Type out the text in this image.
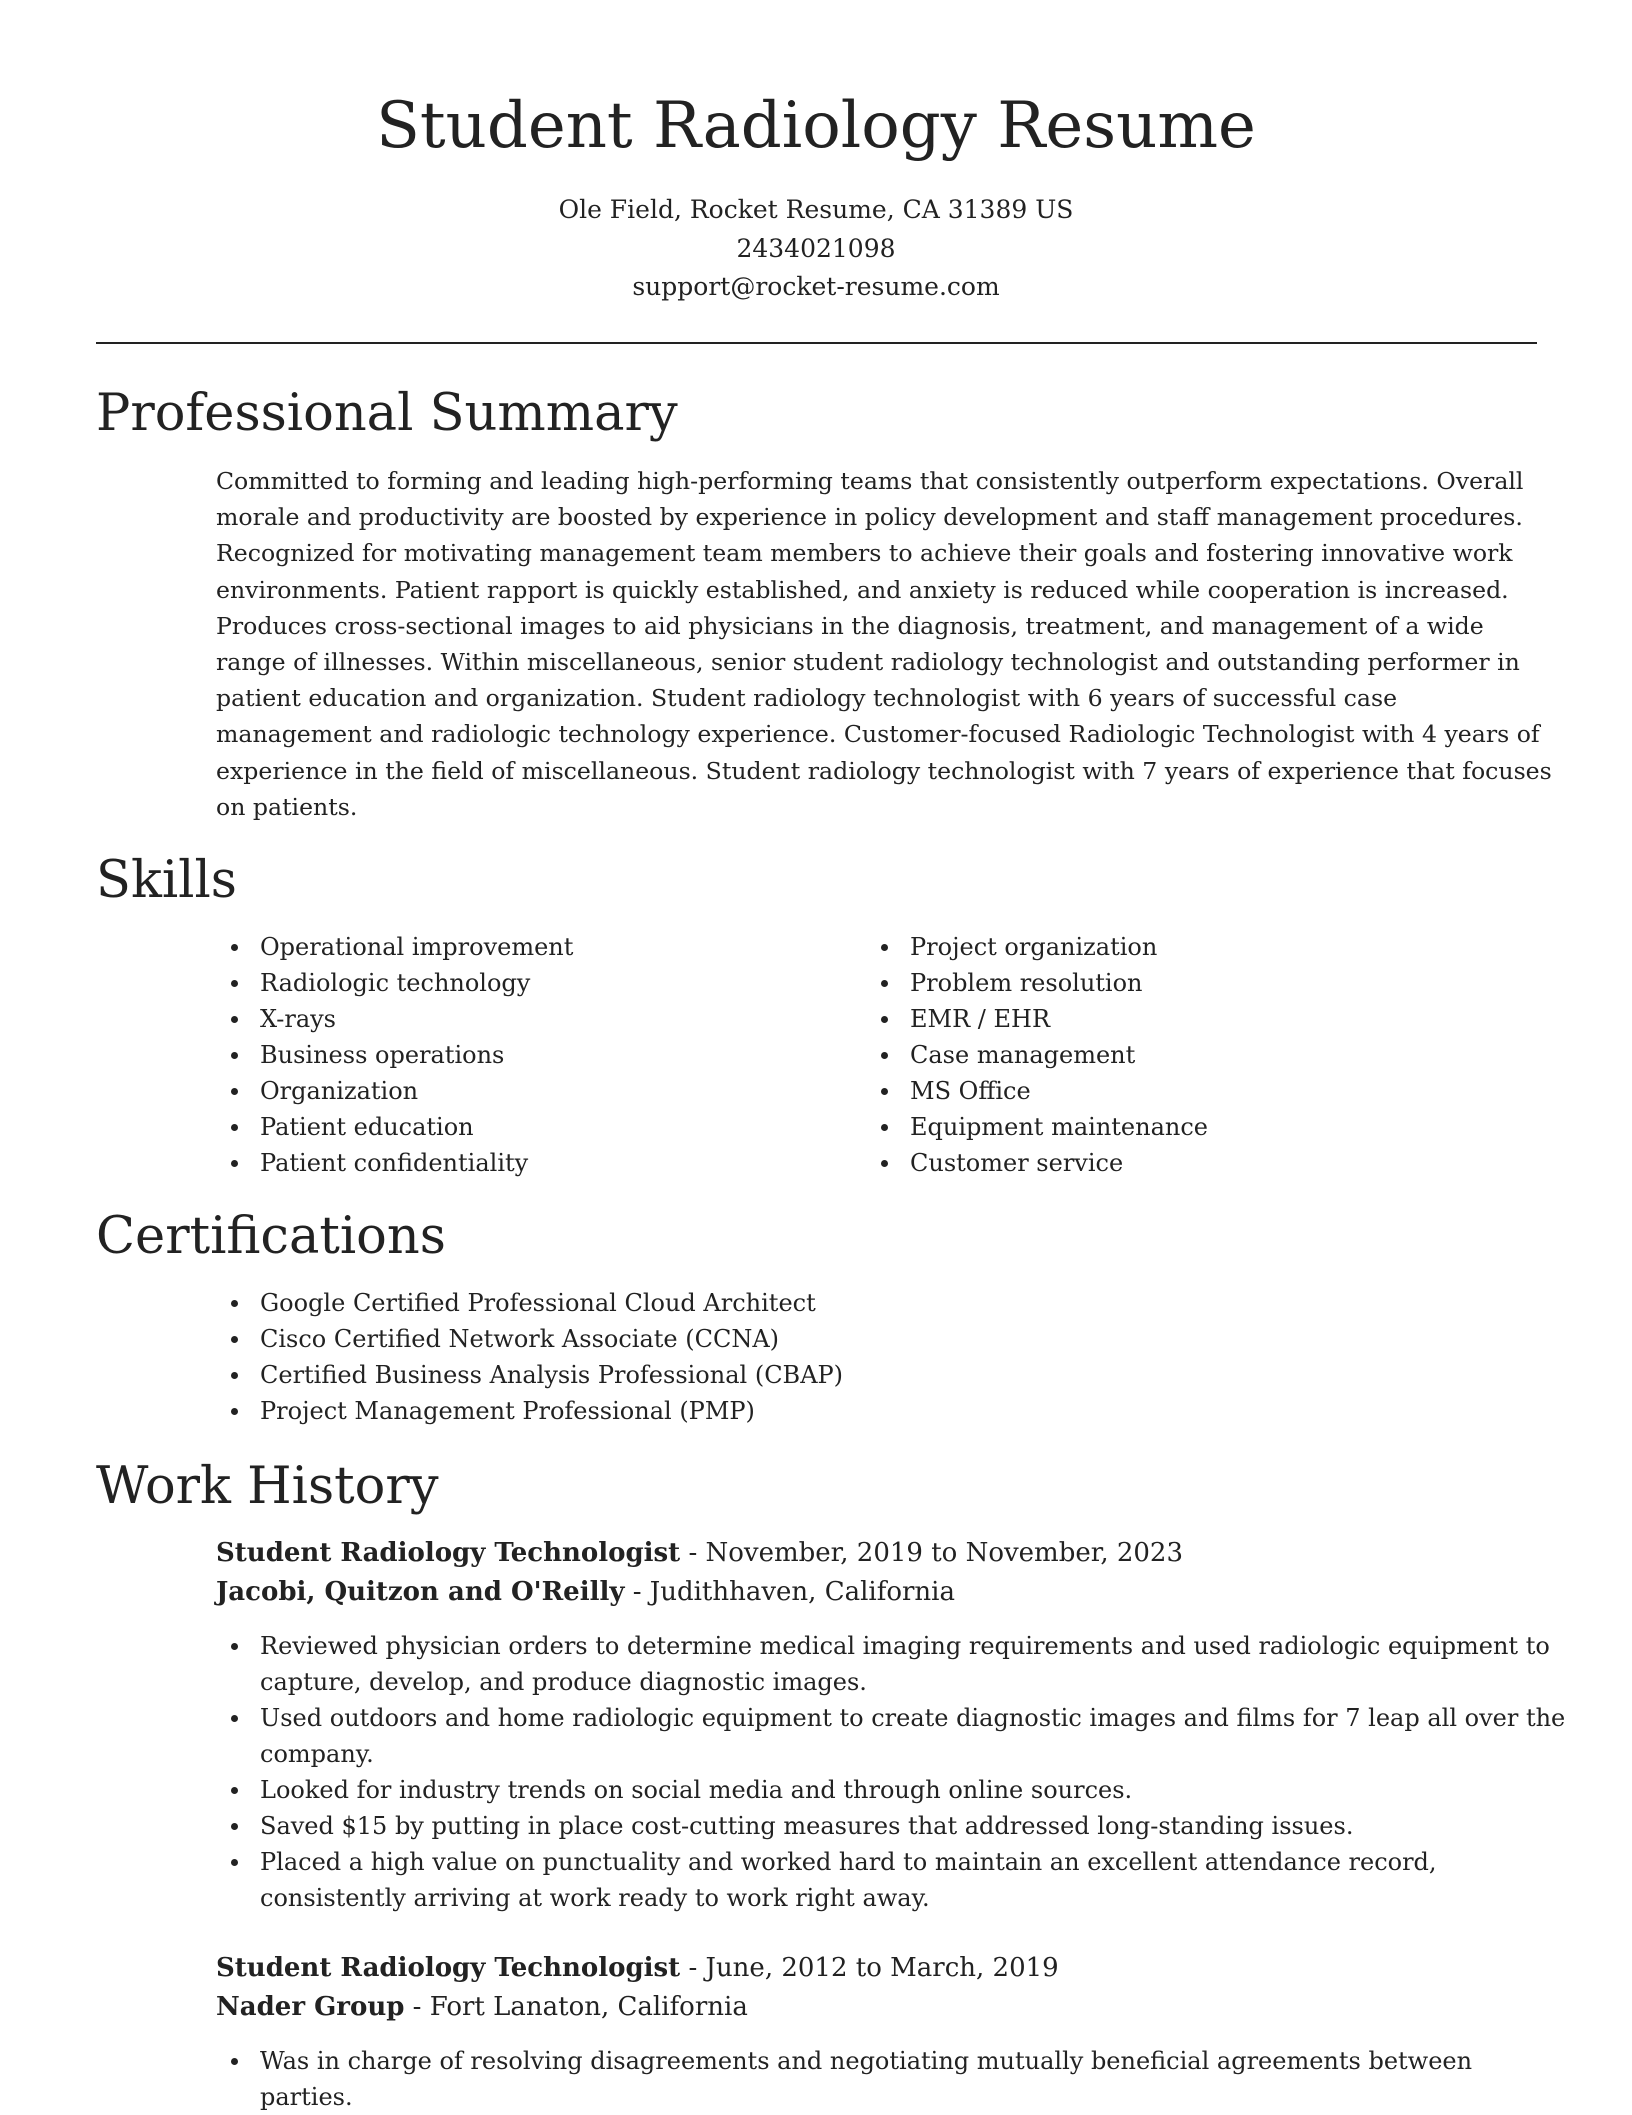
Student Radiology Resume
Ole Field, Rocket Resume, CA 31389 US
2434021098
support@rocket-resume.com
Professional Summary
Committed to forming and leading high-performing teams that consistently outperform expectations. Overall
morale and productivity are boosted by experience in policy development and staff management procedures.
Recognized for motivating management team members to achieve their goals and fostering innovative work
environments. Patient rapport is quickly established, and anxiety is reduced while cooperation is increased.
Produces cross-sectional images to aid physicians in the diagnosis, treatment, and management of a wide
range of illnesses. Within miscellaneous, senior student radiology technologist and outstanding performer in
patient education and organization. Student radiology technologist with 6 years of successful case
management and radiologic technology experience. Customer-focused Radiologic Technologist with 4 years of
experience in the field of miscellaneous. Student radiology technologist with 7 years of experience that focuses
on patients.
Skills
Operational improvement
Radiologic technology
X-rays
Business operations
Organization
Patient education
Patient confidentiality
Project organization
Problem resolution
EMR / EHR
Case management
MS Office
Equipment maintenance
Customer service
Certifications
Google Certified Professional Cloud Architect
Cisco Certified Network Associate (CCNA)
Certified Business Analysis Professional (CBAP)
Project Management Professional (PMP)
Work History
Student Radiology Technologist - November, 2019 to November, 2023
Jacobi, Quitzon and O'Reilly - Judithhaven, California
Reviewed physician orders to determine medical imaging requirements and used radiologic equipment to
capture, develop, and produce diagnostic images.
Used outdoors and home radiologic equipment to create diagnostic images and films for 7 leap all over the
company.
Looked for industry trends on social media and through online sources.
Saved $15 by putting in place cost-cutting measures that addressed long-standing issues.
Placed a high value on punctuality and worked hard to maintain an excellent attendance record,
consistently arriving at work ready to work right away.
Student Radiology Technologist - June, 2012 to March, 2019
Nader Group - Fort Lanaton, California
Was in charge of resolving disagreements and negotiating mutually beneficial agreements between
parties.
